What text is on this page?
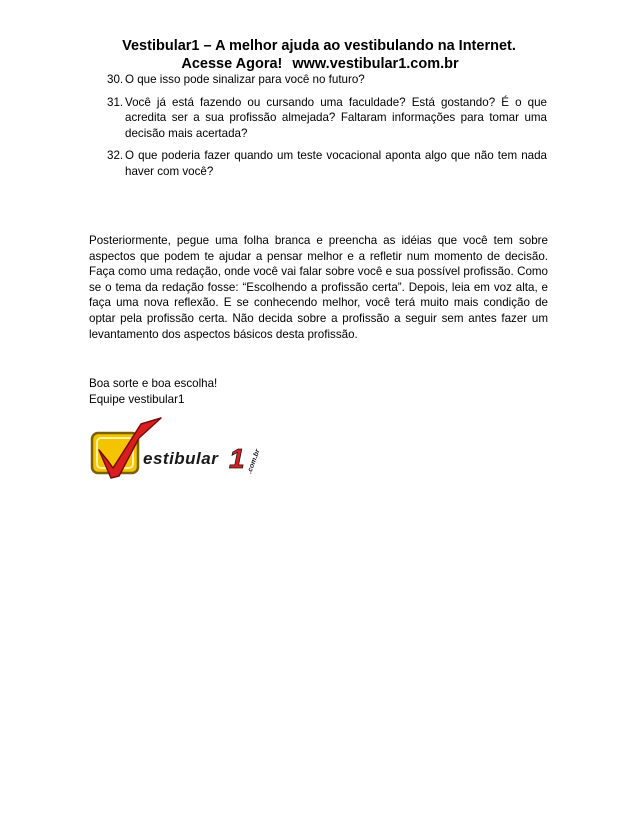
Vestibular1 – A melhor ajuda ao vestibulando na Internet.
Acesse Agora! www.vestibular1.com.br
30. O que isso pode sinalizar para você no futuro?
31. Você já está fazendo ou cursando uma faculdade? Está gostando? É o que acredita ser a sua profissão almejada? Faltaram informações para tomar uma decisão mais acertada?
32. O que poderia fazer quando um teste vocacional aponta algo que não tem nada haver com você?

Posteriormente, pegue uma folha branca e preencha as idéias que você tem sobre aspectos que podem te ajudar a pensar melhor e a refletir num momento de decisão. Faça como uma redação, onde você vai falar sobre você e sua possível profissão. Como se o tema da redação fosse: “Escolhendo a profissão certa”. Depois, leia em voz alta, e faça uma nova reflexão. E se conhecendo melhor, você terá muito mais condição de optar pela profissão certa. Não decida sobre a profissão a seguir sem antes fazer um levantamento dos aspectos básicos desta profissão.

Boa sorte e boa escolha!
Equipe vestibular1
estibular 1 .com.br
